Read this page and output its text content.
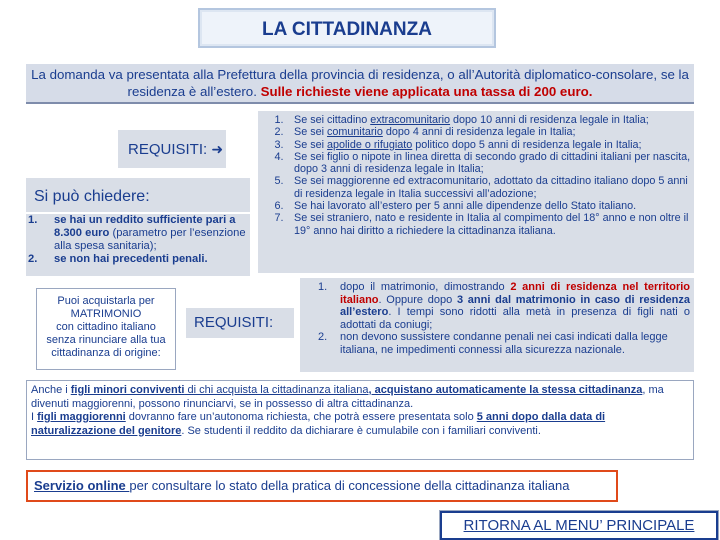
LA CITTADINANZA
La domanda va presentata alla Prefettura della provincia di residenza, o all’Autorità diplomatico-consolare, se la residenza è all’estero. Sulle richieste viene applicata una tassa di 200 euro.
REQUISITI: ➜
Si può chiedere:
1.	se hai un reddito sufficiente pari a 8.300 euro (parametro per l’esenzione alla spesa sanitaria);
2.	se non hai precedenti penali.
1. Se sei cittadino extracomunitario dopo 10 anni di residenza legale in Italia;
2. Se sei comunitario dopo 4 anni di residenza legale in Italia;
3. Se sei apolide o rifugiato politico dopo 5 anni di residenza legale in Italia;
4. Se sei figlio o nipote in linea diretta di secondo grado di cittadini italiani per nascita, dopo 3 anni di residenza legale in Italia;
5. Se sei maggiorenne ed extracomunitario, adottato da cittadino italiano dopo 5 anni di residenza legale in Italia successivi all’adozione;
6. Se hai lavorato all’estero per 5 anni alle dipendenze dello Stato italiano.
7. Se sei straniero, nato e residente in Italia al compimento del 18° anno e non oltre il 19° anno hai diritto a richiedere la cittadinanza italiana.
Puoi acquistarla per
MATRIMONIO
con cittadino italiano
senza rinunciare alla tua cittadinanza di origine:
REQUISITI:
1.	dopo il matrimonio, dimostrando 2 anni di residenza nel territorio italiano. Oppure dopo 3 anni dal matrimonio in caso di residenza all’estero. I tempi sono ridotti alla metà in presenza di figli nati o adottati da coniugi;
2.	non devono sussistere condanne penali nei casi indicati dalla legge italiana, ne impedimenti connessi alla sicurezza nazionale.
Anche i figli minori conviventi di chi acquista la cittadinanza italiana, acquistano automaticamente la stessa cittadinanza, ma divenuti maggiorenni, possono rinunciarvi, se in possesso di altra cittadinanza.
I figli maggiorenni dovranno fare un’autonoma richiesta, che potrà essere presentata solo 5 anni dopo dalla data di naturalizzazione del genitore. Se studenti il reddito da dichiarare è cumulabile con i familiari conviventi.
Servizio online per consultare lo stato della pratica di concessione della cittadinanza italiana
RITORNA AL MENU’ PRINCIPALE
